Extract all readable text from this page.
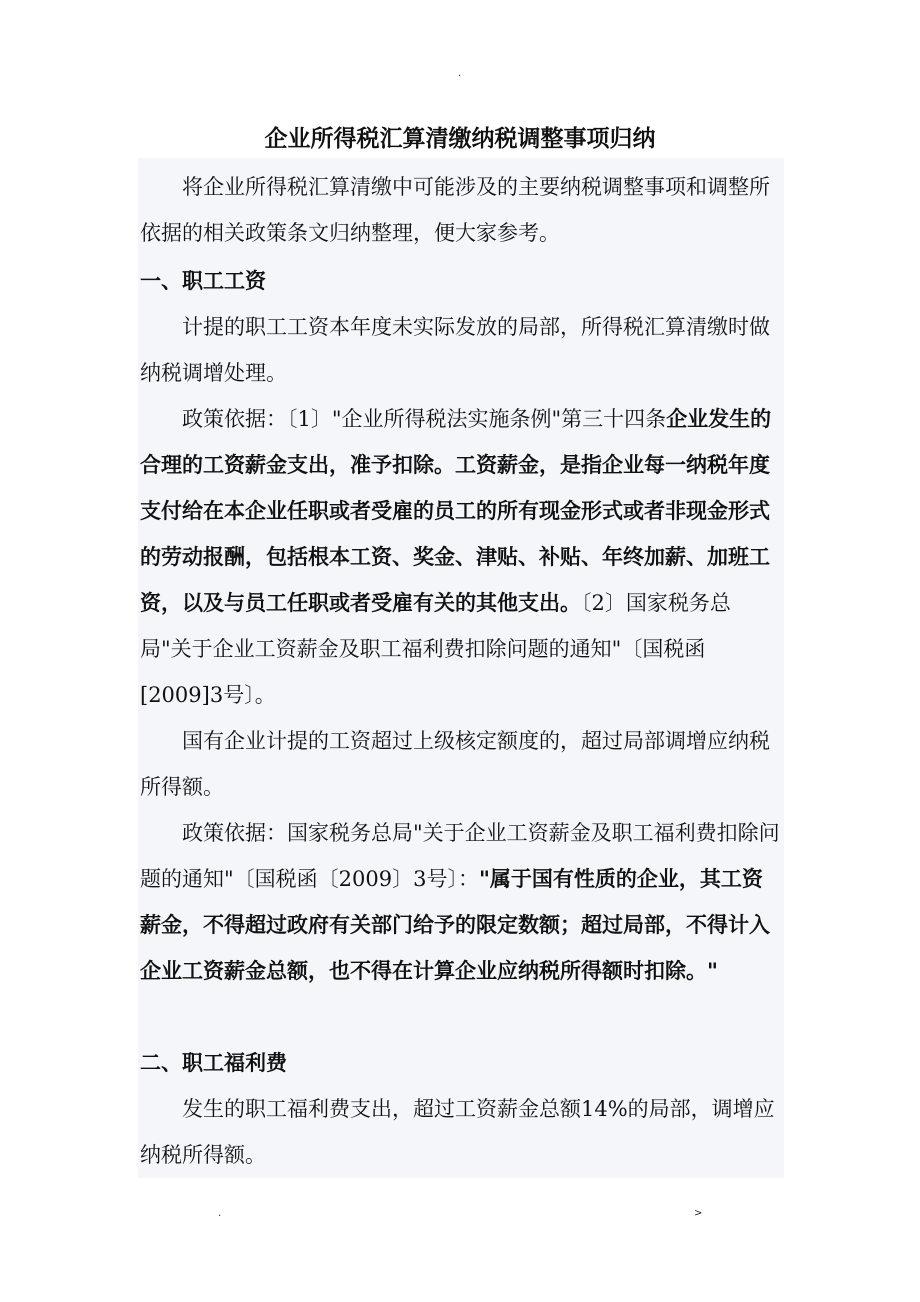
.
企业所得税汇算清缴纳税调整事项归纳

将企业所得税汇算清缴中可能涉及的主要纳税调整事项和调整所依据的相关政策条文归纳整理，便大家参考。

一、职工工资

计提的职工工资本年度未实际发放的局部，所得税汇算清缴时做纳税调增处理。

政策依据：〔1〕"企业所得税法实施条例"第三十四条企业发生的合理的工资薪金支出，准予扣除。工资薪金，是指企业每一纳税年度支付给在本企业任职或者受雇的员工的所有现金形式或者非现金形式的劳动报酬，包括根本工资、奖金、津贴、补贴、年终加薪、加班工资，以及与员工任职或者受雇有关的其他支出。〔2〕国家税务总局"关于企业工资薪金及职工福利费扣除问题的通知"〔国税函[2009]3号〕。

国有企业计提的工资超过上级核定额度的，超过局部调增应纳税所得额。

政策依据：国家税务总局"关于企业工资薪金及职工福利费扣除问题的通知"〔国税函〔2009〕3号〕："属于国有性质的企业，其工资薪金，不得超过政府有关部门给予的限定数额；超过局部，不得计入企业工资薪金总额，也不得在计算企业应纳税所得额时扣除。"

二、职工福利费

发生的职工福利费支出，超过工资薪金总额14%的局部，调增应纳税所得额。

.	>
